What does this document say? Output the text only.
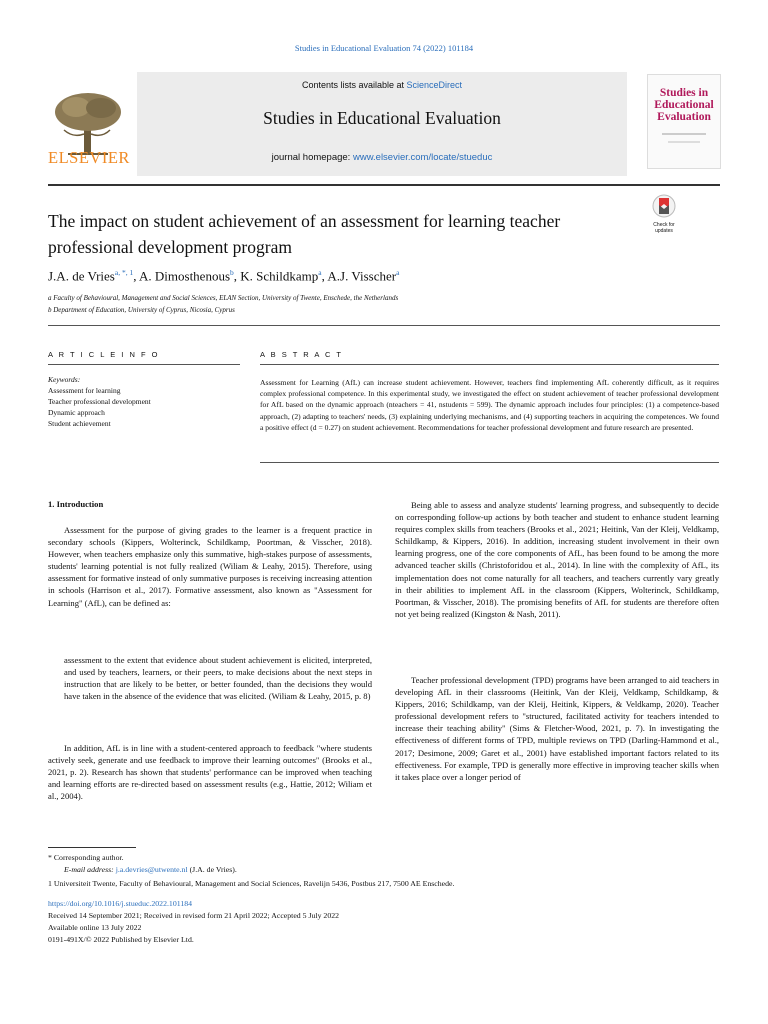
Studies in Educational Evaluation 74 (2022) 101184
ELSEVIER
Contents lists available at ScienceDirect
Studies in Educational Evaluation
journal homepage: www.elsevier.com/locate/stueduc
Studies in Educational Evaluation
The impact on student achievement of an assessment for learning teacher
professional development program
Check for updates
J.A. de Vries$^{a, *, 1}$, A. Dimosthenous$^b$, K. Schildkamp$^a$, A.J. Visscher$^a$
a Faculty of Behavioural, Management and Social Sciences, ELAN Section, University of Twente, Enschede, the Netherlands
b Department of Education, University of Cyprus, Nicosia, Cyprus
A R T I C L E I N F O
Keywords:
Assessment for learning
Teacher professional development
Dynamic approach
Student achievement
A B S T R A C T
Assessment for Learning (AfL) can increase student achievement. However, teachers find implementing AfL coherently difficult, as it requires complex professional competence. In this experimental study, we investigated the effect on student achievement of teacher professional development for AfL based on the dynamic approach (nteachers = 41, nstudents = 599). The dynamic approach includes four principles: (1) a competence-based approach, (2) adapting to teachers' needs, (3) explaining underlying mechanisms, and (4) supporting teachers in acquiring the competences. We found a positive effect (d = 0.27) on student achievement. Recommendations for teacher professional development and future research are presented.
1. Introduction

Assessment for the purpose of giving grades to the learner is a frequent practice in secondary schools (Kippers, Wolterinck, Schildkamp, Poortman, & Visscher, 2018). However, when teachers emphasize only this summative, high-stakes purpose of assessments, students' learning potential is not fully realized (Wiliam & Leahy, 2015). Therefore, using assessment for formative instead of only summative purposes is receiving increasing attention in schools (Harrison et al., 2017). Formative assessment, also known as "Assessment for Learning" (AfL), can be defined as:

assessment to the extent that evidence about student achievement is elicited, interpreted, and used by teachers, learners, or their peers, to make decisions about the next steps in instruction that are likely to be better, or better founded, than the decisions they would have taken in the absence of the evidence that was elicited. (Wiliam & Leahy, 2015, p. 8)

In addition, AfL is in line with a student-centered approach to feedback "where students actively seek, generate and use feedback to improve their learning outcomes" (Brooks et al., 2021, p. 2). Research has shown that students' performance can be improved when teaching and learning efforts are re-directed based on assessment results (e.g., Hattie, 2012; Wiliam et al., 2004).

Being able to assess and analyze students' learning progress, and subsequently to decide on corresponding follow-up actions by both teacher and student to enhance student learning requires complex skills from teachers (Brooks et al., 2021; Heitink, Van der Kleij, Veldkamp, Schildkamp, & Kippers, 2016). In addition, increasing student involvement in their own learning progress, one of the core components of AfL, has been found to be among the more advanced teacher skills (Christoforidou et al., 2014). In line with the complexity of AfL, its implementation does not come naturally for all teachers, and teachers currently vary greatly in their abilities to implement AfL in the classroom (Kippers, Wolterinck, Schildkamp, Poortman, & Visscher, 2018). The promising benefits of AfL for students are therefore often not yet being realized (Kingston & Nash, 2011).

Teacher professional development (TPD) programs have been arranged to aid teachers in developing AfL in their classrooms (Heitink, Van der Kleij, Veldkamp, Schildkamp, & Kippers, 2016; Schildkamp, van der Kleij, Heitink, Kippers, & Veldkamp, 2020). Teacher professional development refers to "structured, facilitated activity for teachers intended to increase their teaching ability" (Sims & Fletcher-Wood, 2021, p. 7). In investigating the effectiveness of different forms of TPD, multiple reviews on TPD (Darling-Hammond et al., 2017; Desimone, 2009; Garet et al., 2001) have established important factors related to its effectiveness. For example, TPD is generally more effective in improving teacher skills when it takes place over a longer period of

* Corresponding author.
E-mail address: j.a.devries@utwente.nl (J.A. de Vries).
1 Universiteit Twente, Faculty of Behavioural, Management and Social Sciences, Ravelijn 5436, Postbus 217, 7500 AE Enschede.
https://doi.org/10.1016/j.stueduc.2022.101184
Received 14 September 2021; Received in revised form 21 April 2022; Accepted 5 July 2022
Available online 13 July 2022
0191-491X/© 2022 Published by Elsevier Ltd.
